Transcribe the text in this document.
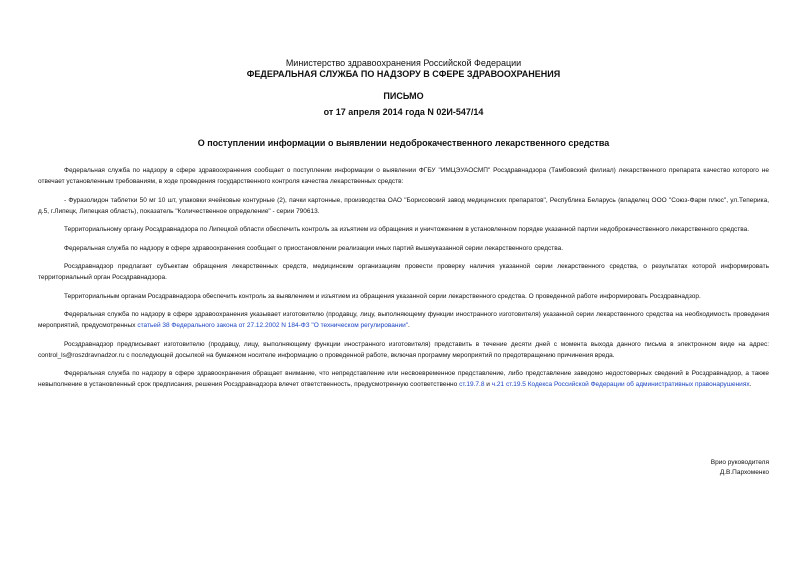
Министерство здравоохранения Российской Федерации
ФЕДЕРАЛЬНАЯ СЛУЖБА ПО НАДЗОРУ В СФЕРЕ ЗДРАВООХРАНЕНИЯ
ПИСЬМО
от 17 апреля 2014 года N 02И-547/14
О поступлении информации о выявлении недоброкачественного лекарственного средства

Федеральная служба по надзору в сфере здравоохранения сообщает о поступлении информации о выявлении ФГБУ "ИМЦЭУАОСМП" Росздравнадзора (Тамбовский филиал) лекарственного препарата качество которого не отвечает установленным требованиям, в ходе проведения государственного контроля качества лекарственных средств:

- Фуразолидон таблетки 50 мг 10 шт, упаковки ячейковые контурные (2), пачки картонные, производства ОАО "Борисовский завод медицинских препаратов", Республика Беларусь (владелец ООО "Союз-Фарм плюс", ул.Теперика, д.5, г.Липецк, Липецкая область), показатель "Количественное определение" - серии 790613.

Территориальному органу Росздравнадзора по Липецкой области обеспечить контроль за изъятием из обращения и уничтожением в установленном порядке указанной партии недоброкачественного лекарственного средства.

Федеральная служба по надзору в сфере здравоохранения сообщает о приостановлении реализации иных партий вышеуказанной серии лекарственного средства.

Росздравнадзор предлагает субъектам обращения лекарственных средств, медицинским организациям провести проверку наличия указанной серии лекарственного средства, о результатах которой информировать территориальный орган Росздравнадзора.

Территориальным органам Росздравнадзора обеспечить контроль за выявлением и изъятием из обращения указанной серии лекарственного средства. О проведенной работе информировать Росздравнадзор.

Федеральная служба по надзору в сфере здравоохранения указывает изготовителю (продавцу, лицу, выполняющему функции иностранного изготовителя) указанной серии лекарственного средства на необходимость проведения мероприятий, предусмотренных статьей 38 Федерального закона от 27.12.2002 N 184-ФЗ "О техническом регулировании".

Росздравнадзор предписывает изготовителю (продавцу, лицу, выполняющему функции иностранного изготовителя) представить в течение десяти дней с момента выхода данного письма в электронном виде на адрес: control_ls@roszdravnadzor.ru с последующей досылкой на бумажном носителе информацию о проведенной работе, включая программу мероприятий по предотвращению причинения вреда.

Федеральная служба по надзору в сфере здравоохранения обращает внимание, что непредставление или несвоевременное представление, либо представление заведомо недостоверных сведений в Росздравнадзор, а также невыполнение в установленный срок предписания, решения Росздравнадзора влечет ответственность, предусмотренную соответственно ст.19.7.8 и ч.21 ст.19.5 Кодекса Российской Федерации об административных правонарушениях.

Врио руководителя
Д.В.Пархоменко
